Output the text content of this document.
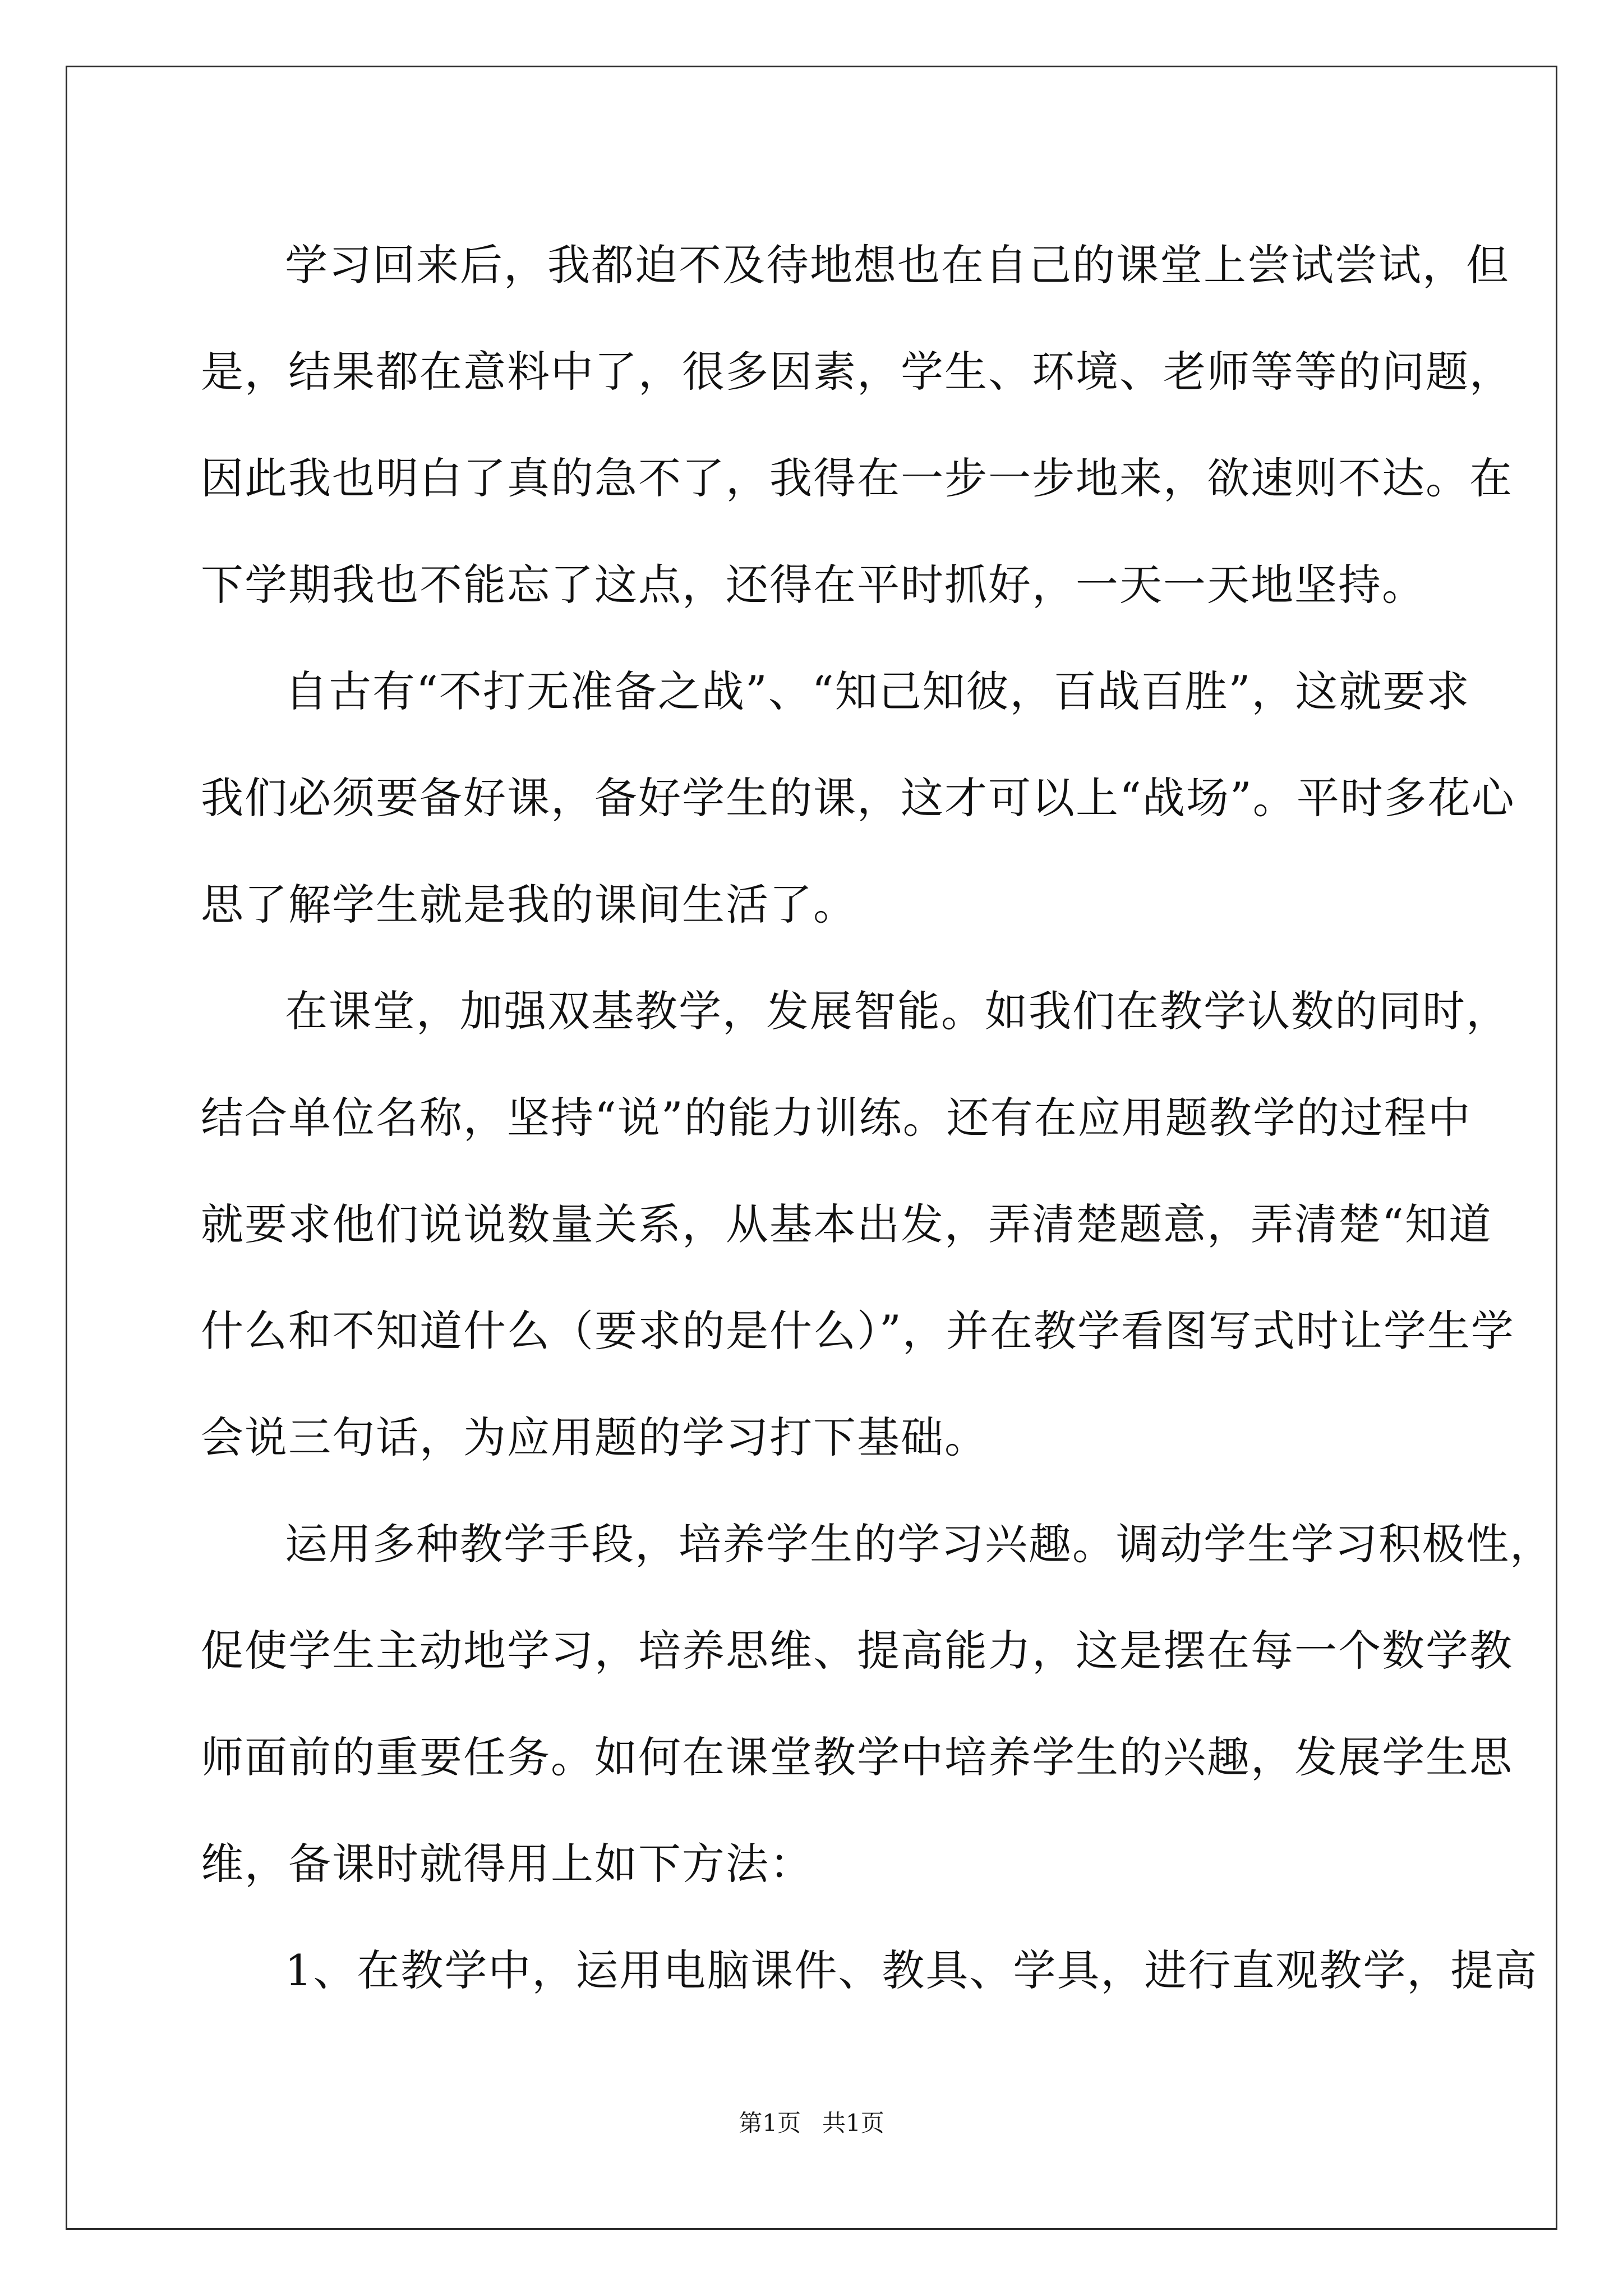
学习回来后，我都迫不及待地想也在自己的课堂上尝试尝试，但
是，结果都在意料中了，很多因素，学生、环境、老师等等的问题，
因此我也明白了真的急不了，我得在一步一步地来，欲速则不达。在
下学期我也不能忘了这点，还得在平时抓好，一天一天地坚持。
自古有“不打无准备之战”、“知己知彼，百战百胜”，这就要求
我们必须要备好课，备好学生的课，这才可以上“战场”。平时多花心
思了解学生就是我的课间生活了。
在课堂，加强双基教学，发展智能。如我们在教学认数的同时，
结合单位名称，坚持“说”的能力训练。还有在应用题教学的过程中
就要求他们说说数量关系，从基本出发，弄清楚题意，弄清楚“知道
什么和不知道什么（要求的是什么）”，并在教学看图写式时让学生学
会说三句话，为应用题的学习打下基础。
运用多种教学手段，培养学生的学习兴趣。调动学生学习积极性，
促使学生主动地学习，培养思维、提高能力，这是摆在每一个数学教
师面前的重要任务。如何在课堂教学中培养学生的兴趣，发展学生思
维，备课时就得用上如下方法：
1、在教学中，运用电脑课件、教具、学具，进行直观教学，提高
第1页 共1页
